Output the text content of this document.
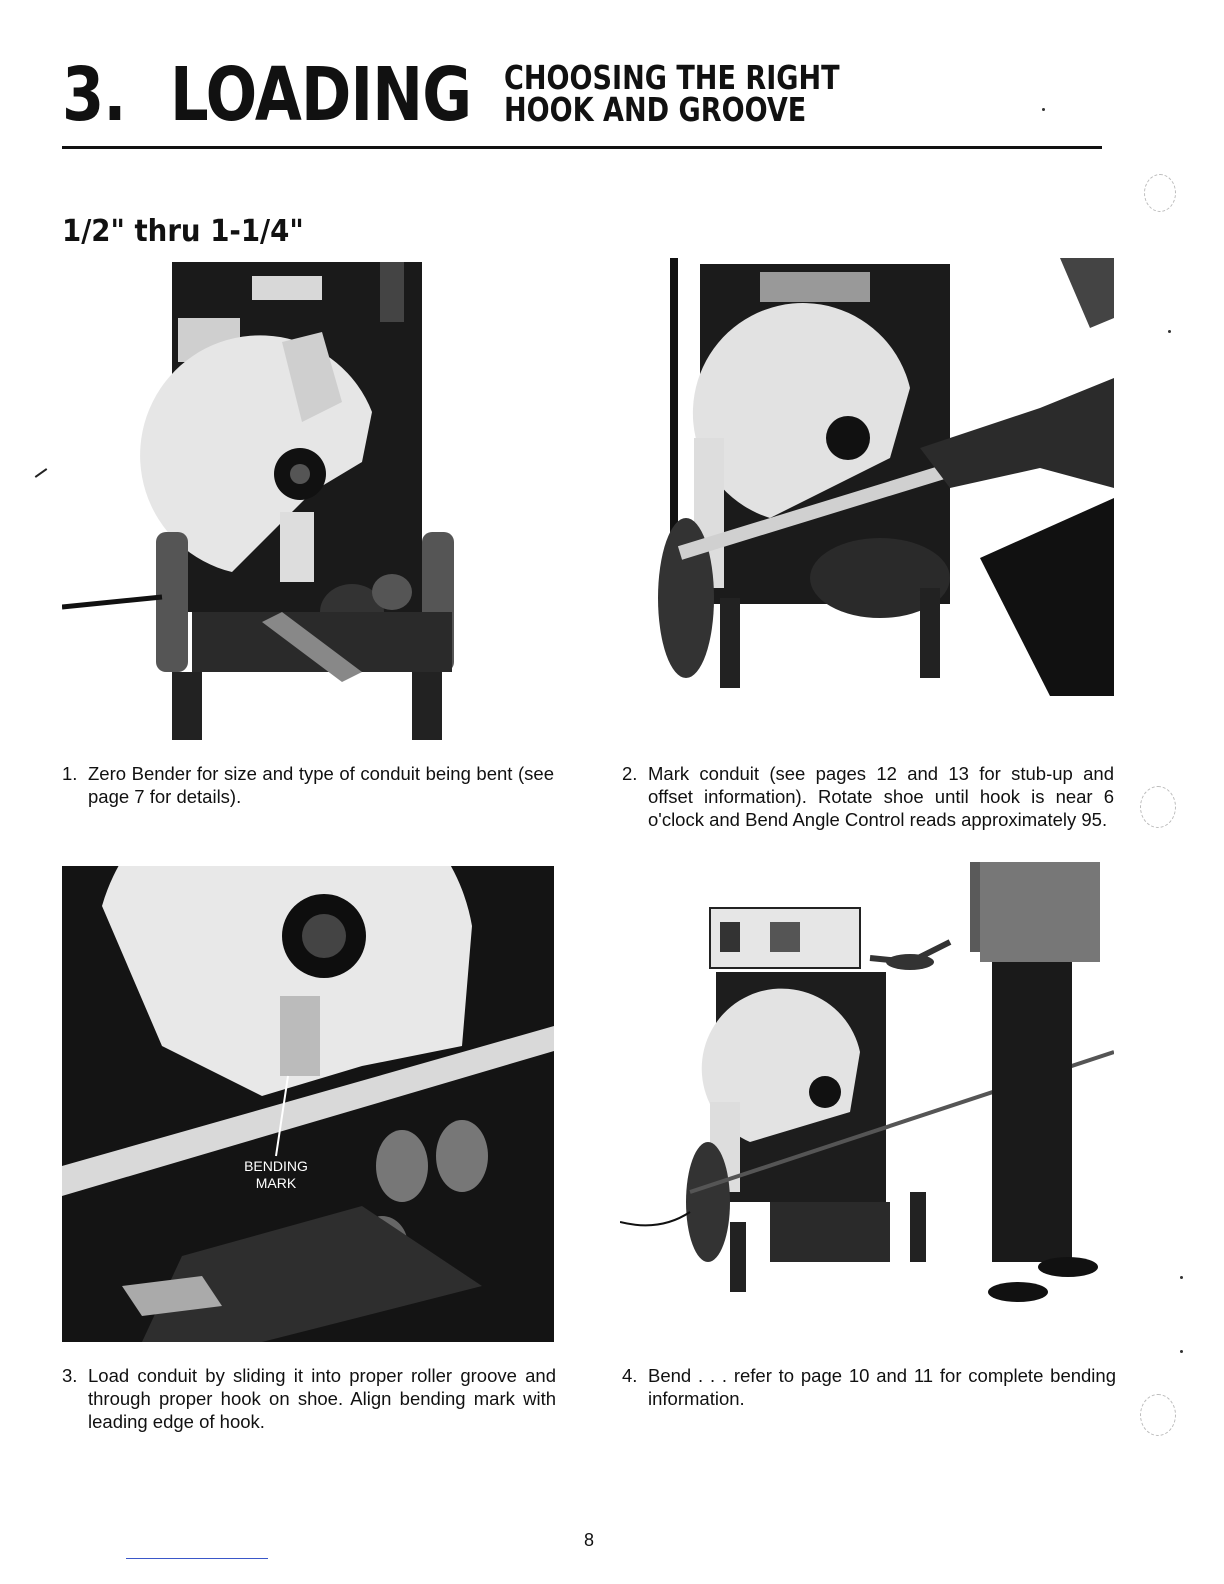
3. LOADING CHOOSING THE RIGHT
HOOK AND GROOVE
1/2" thru 1-1/4"
BENDING
MARK
1. Zero Bender for size and type of conduit being bent (see page 7 for details).
2. Mark conduit (see pages 12 and 13 for stub-up and offset information). Rotate shoe until hook is near 6 o'clock and Bend Angle Control reads approximately 95.
3. Load conduit by sliding it into proper roller groove and through proper hook on shoe. Align bending mark with leading edge of hook.
4. Bend . . . refer to page 10 and 11 for complete bending information.
8
